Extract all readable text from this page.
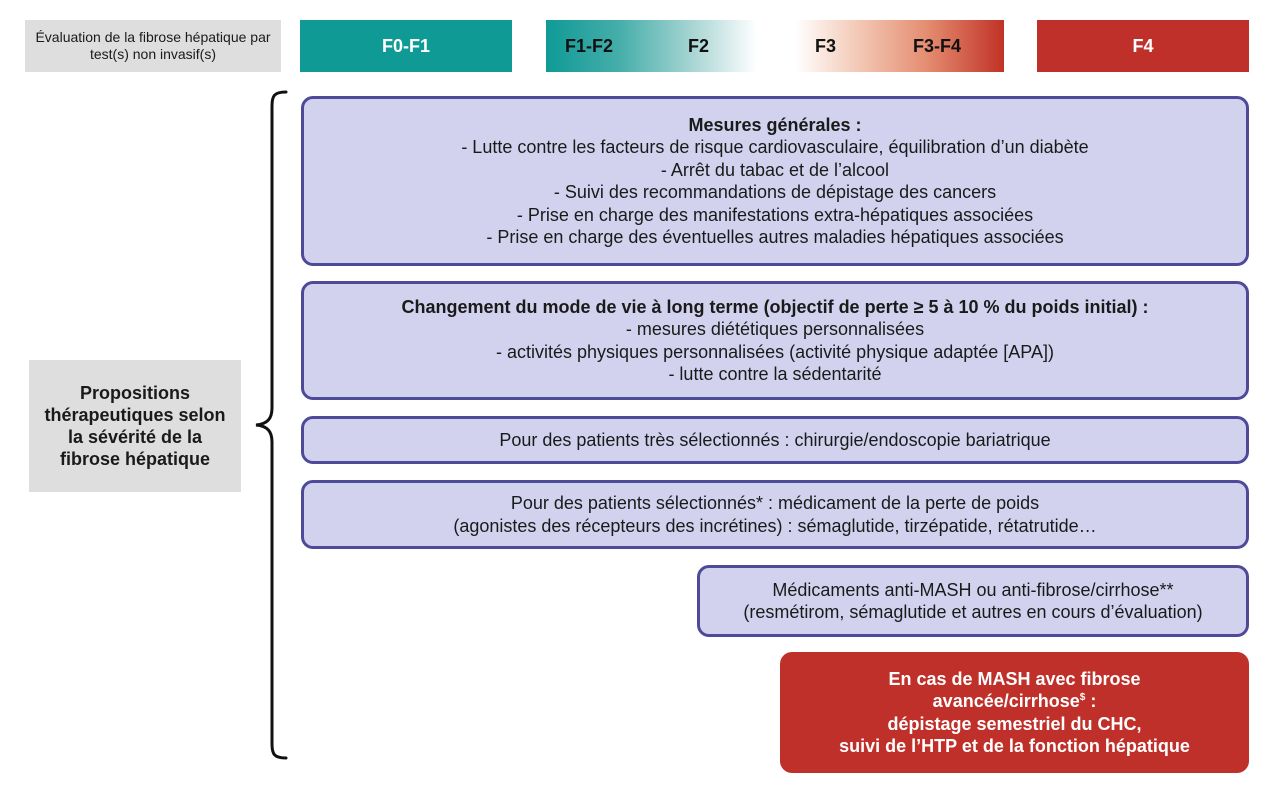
Évaluation de la fibrose hépatique par test(s) non invasif(s)	F0-F1	F1-F2	F2	F3	F3-F4	F4
Propositions thérapeutiques selon la sévérité de la fibrose hépatique
Mesures générales :
- Lutte contre les facteurs de risque cardiovasculaire, équilibration d’un diabète
- Arrêt du tabac et de l’alcool
- Suivi des recommandations de dépistage des cancers
- Prise en charge des manifestations extra-hépatiques associées
- Prise en charge des éventuelles autres maladies hépatiques associées
Changement du mode de vie à long terme (objectif de perte ≥ 5 à 10 % du poids initial) :
- mesures diététiques personnalisées
- activités physiques personnalisées (activité physique adaptée [APA])
- lutte contre la sédentarité
Pour des patients très sélectionnés : chirurgie/endoscopie bariatrique
Pour des patients sélectionnés* : médicament de la perte de poids
(agonistes des récepteurs des incrétines) : sémaglutide, tirzépatide, rétatrutide…
Médicaments anti-MASH ou anti-fibrose/cirrhose**
(resmétirom, sémaglutide et autres en cours d’évaluation)
En cas de MASH avec fibrose
avancée/cirrhose$ :
dépistage semestriel du CHC,
suivi de l’HTP et de la fonction hépatique
